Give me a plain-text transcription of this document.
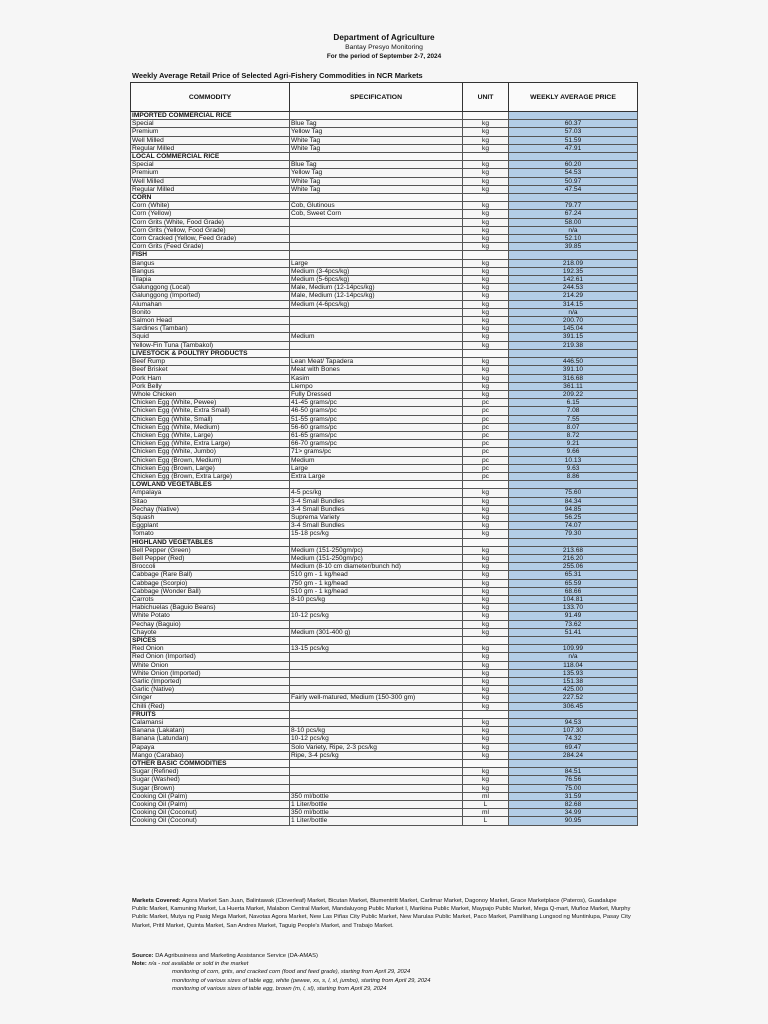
Department of Agriculture
Bantay Presyo Monitoring
For the period of September 2-7, 2024
Weekly Average Retail Price of Selected Agri-Fishery Commodities in NCR Markets
COMMODITY	SPECIFICATION	UNIT	WEEKLY AVERAGE PRICE
IMPORTED COMMERCIAL RICE			
Special	Blue Tag	kg	60.37
Premium	Yellow Tag	kg	57.03
Well Milled	White Tag	kg	51.59
Regular Milled	White Tag	kg	47.91
LOCAL COMMERCIAL RICE			
Special	Blue Tag	kg	60.20
Premium	Yellow Tag	kg	54.53
Well Milled	White Tag	kg	50.97
Regular Milled	White Tag	kg	47.54
CORN			
Corn (White)	Cob, Glutinous	kg	79.77
Corn (Yellow)	Cob, Sweet Corn	kg	67.24
Corn Grits (White, Food Grade)		kg	58.00
Corn Grits (Yellow, Food Grade)		kg	n/a
Corn Cracked (Yellow, Feed Grade)		kg	52.10
Corn Grits (Feed Grade)		kg	39.85
FISH			
Bangus	Large	kg	218.09
Bangus	Medium (3-4pcs/kg)	kg	192.35
Tilapia	Medium (5-6pcs/kg)	kg	142.61
Galunggong (Local)	Male, Medium (12-14pcs/kg)	kg	244.53
Galunggong (Imported)	Male, Medium (12-14pcs/kg)	kg	214.29
Alumahan	Medium (4-6pcs/kg)	kg	314.15
Bonito		kg	n/a
Salmon Head		kg	200.70
Sardines (Tamban)		kg	145.04
Squid	Medium	kg	391.15
Yellow-Fin Tuna (Tambakol)		kg	219.38
LIVESTOCK & POULTRY PRODUCTS			
Beef Rump	Lean Meat/ Tapadera	kg	446.50
Beef Brisket	Meat with Bones	kg	391.10
Pork Ham	Kasim	kg	316.68
Pork Belly	Liempo	kg	361.11
Whole Chicken	Fully Dressed	kg	209.22
Chicken Egg (White, Pewee)	41-45 grams/pc	pc	6.15
Chicken Egg (White, Extra Small)	46-50 grams/pc	pc	7.08
Chicken Egg (White, Small)	51-55 grams/pc	pc	7.55
Chicken Egg (White, Medium)	56-60 grams/pc	pc	8.07
Chicken Egg (White, Large)	61-65 grams/pc	pc	8.72
Chicken Egg (White, Extra Large)	66-70 grams/pc	pc	9.21
Chicken Egg (White, Jumbo)	71> grams/pc	pc	9.66
Chicken Egg (Brown, Medium)	Medium	pc	10.13
Chicken Egg (Brown, Large)	Large	pc	9.63
Chicken Egg (Brown, Extra Large)	Extra Large	pc	8.86
LOWLAND VEGETABLES			
Ampalaya	4-5 pcs/kg	kg	75.60
Sitao	3-4 Small Bundles	kg	84.34
Pechay (Native)	3-4 Small Bundles	kg	94.85
Squash	Suprema Variety	kg	56.25
Eggplant	3-4 Small Bundles	kg	74.07
Tomato	15-18 pcs/kg	kg	79.30
HIGHLAND VEGETABLES			
Bell Pepper (Green)	Medium (151-250gm/pc)	kg	213.68
Bell Pepper (Red)	Medium (151-250gm/pc)	kg	216.20
Broccoli	Medium (8-10 cm diameter/bunch hd)	kg	255.06
Cabbage (Rare Ball)	510 gm - 1 kg/head	kg	65.31
Cabbage (Scorpio)	750 gm - 1 kg/head	kg	65.59
Cabbage (Wonder Ball)	510 gm - 1 kg/head	kg	68.66
Carrots	8-10 pcs/kg	kg	104.81
Habichuelas (Baguio Beans)		kg	133.70
White Potato	10-12 pcs/kg	kg	91.49
Pechay (Baguio)		kg	73.62
Chayote	Medium (301-400 g)	kg	51.41
SPICES			
Red Onion	13-15 pcs/kg	kg	109.99
Red Onion (Imported)		kg	n/a
White Onion		kg	118.04
White Onion (Imported)		kg	135.93
Garlic (Imported)		kg	151.38
Garlic (Native)		kg	425.00
Ginger	Fairly well-matured, Medium (150-300 gm)	kg	227.52
Chilli (Red)		kg	306.45
FRUITS			
Calamansi		kg	94.53
Banana (Lakatan)	8-10 pcs/kg	kg	107.30
Banana (Latundan)	10-12 pcs/kg	kg	74.32
Papaya	Solo Variety, Ripe, 2-3 pcs/kg	kg	69.47
Mango (Carabao)	Ripe, 3-4 pcs/kg	kg	284.24
OTHER BASIC COMMODITIES			
Sugar (Refined)		kg	84.51
Sugar (Washed)		kg	76.56
Sugar (Brown)		kg	75.00
Cooking Oil (Palm)	350 ml/bottle	ml	31.59
Cooking Oil (Palm)	1 Liter/bottle	L	82.68
Cooking Oil (Coconut)	350 ml/bottle	ml	34.99
Cooking Oil (Coconut)	1 Liter/bottle	L	90.95
Markets Covered: Agora Market San Juan, Balintawak (Cloverleaf) Market, Bicutan Market, Blumentritt Market, Carlimar Market, Dagonoy Market, Grace Marketplace (Pateros), Guadalupe Public Market, Kamuning Market, La Huerta Market, Malabon Central Market, Mandaluyong Public Market I, Marikina Public Market, Maypajo Public Market, Mega Q-mart, Muñoz Market, Murphy Public Market, Mutya ng Pasig Mega Market, Navotas Agora Market, New Las Piñas City Public Market, New Marulas Public Market, Paco Market, Pamilihang Lungsod ng Muntinlupa, Pasay City Market, Pritil Market, Quinta Market, San Andres Market, Taguig People's Market, and Trabajo Market.
Source: DA Agribusiness and Marketing Assistance Service (DA-AMAS)
Note: n/a - not available or sold in the market
monitoring of corn, grits, and cracked corn (food and feed grade), starting from April 29, 2024
monitoring of various sizes of table egg, white (pewee, xs, s, l, xl, jumbo), starting from April 29, 2024
monitoring of various sizes of table egg, brown (m, l, xl), starting from April 29, 2024
